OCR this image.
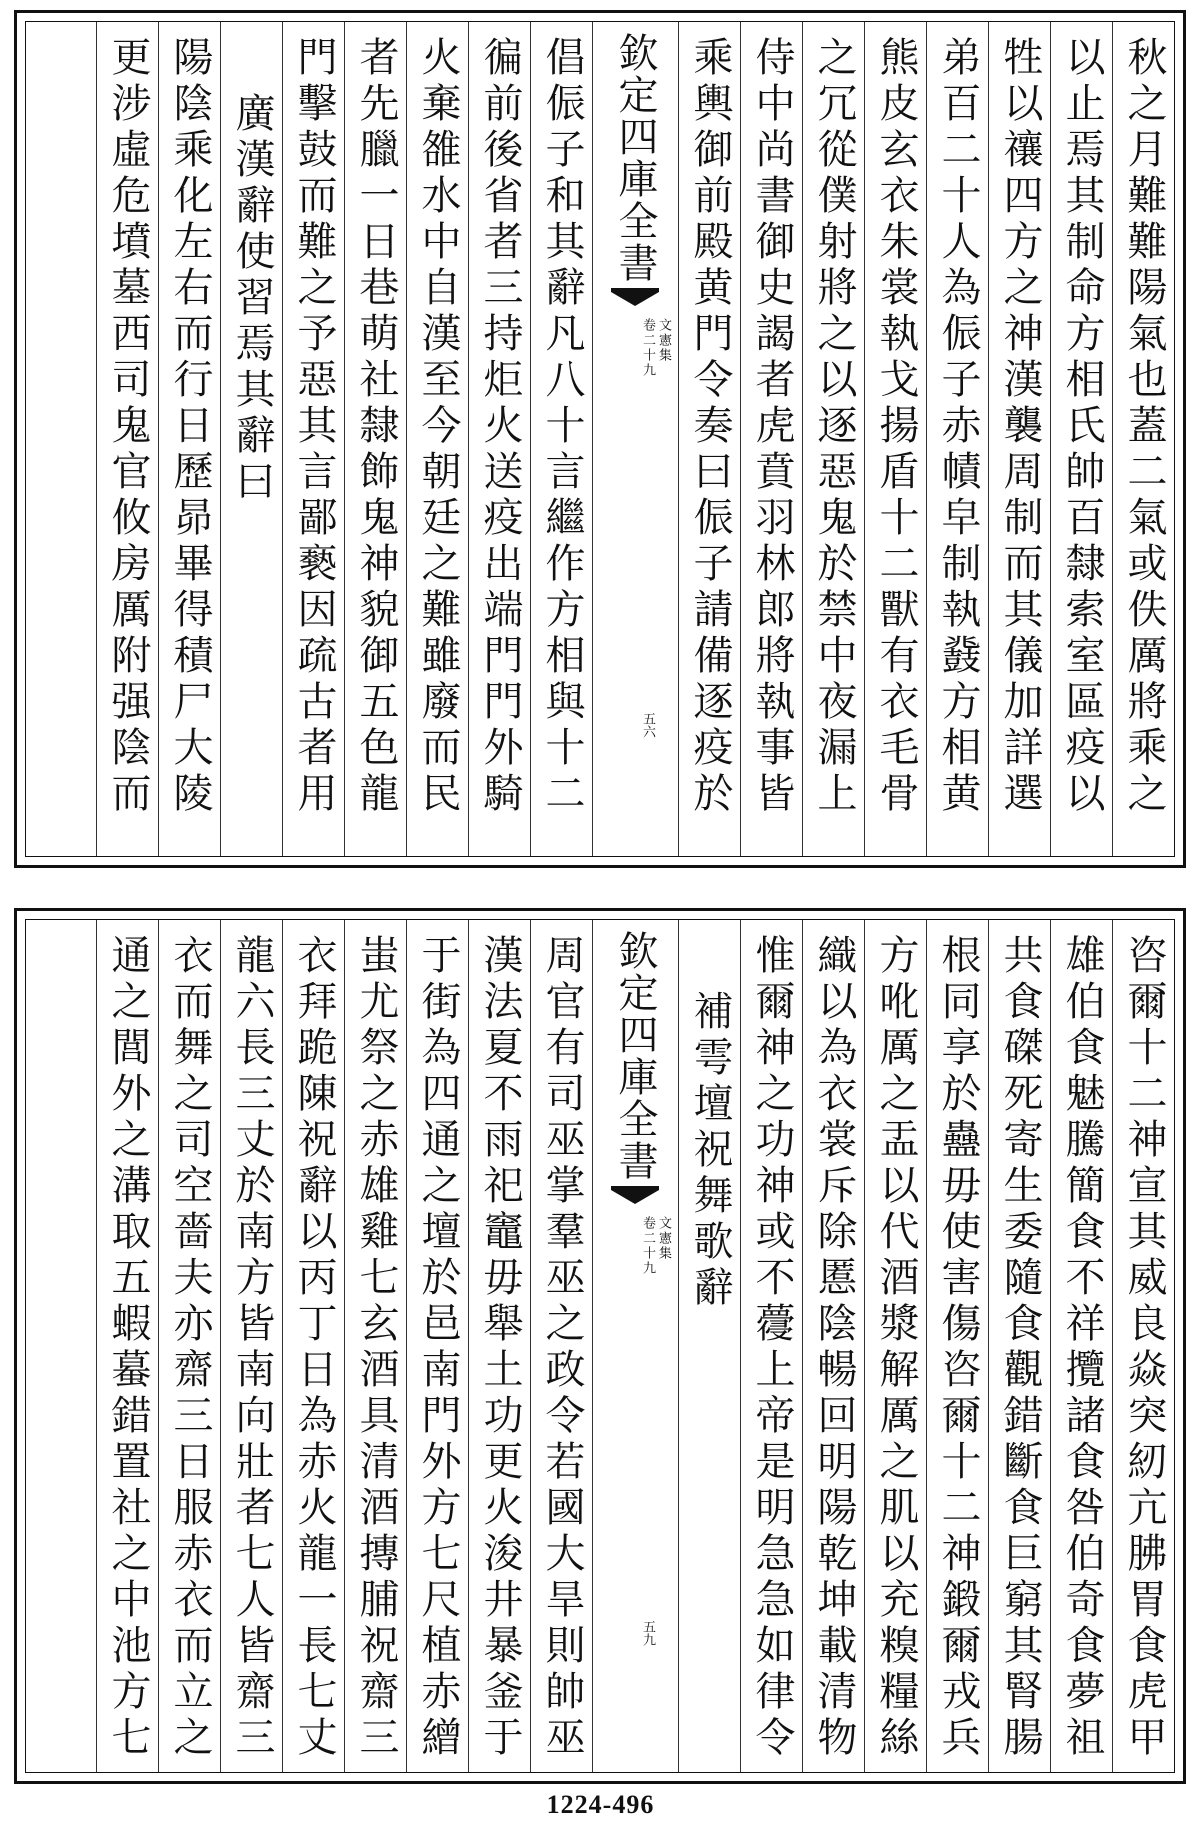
秋之月難難陽氣也蓋二氣或佚厲將乘之
以止焉其制命方相氏帥百隸索室區疫以
牲以禳四方之神漢襲周制而其儀加詳選
弟百二十人為侲子赤幘皁制執鼗方相黄
熊皮玄衣朱裳執戈揚盾十二獸有衣毛骨
之冗從僕射將之以逐惡鬼於禁中夜漏上
侍中尚書御史謁者虎賁羽林郎將執事皆
乘輿御前殿黄門令奏曰侲子請備逐疫於
欽定四庫全書
文憲集
卷二十九
五六
倡侲子和其辭凡八十言繼作方相與十二
徧前後省者三持炬火送疫出端門門外騎
火棄雒水中自漢至今朝廷之難雖廢而民
者先臘一日巷萌社隸飾鬼神貌御五色龍
門擊鼓而難之予惡其言鄙褻因疏古者用
廣漢辭使習焉其辭曰
陽陰乘化左右而行日歷昴畢得積尸大陵
更涉虛危墳墓西司鬼官攸房厲附强陰而
咨爾十二神宣其威良焱突紉亢胇胃食虎甲
雄伯食魅騰簡食不祥攬諸食咎伯奇食夢祖
共食磔死寄生委隨食觀錯斷食巨窮其腎腸
根同享於蠱毋使害傷咨爾十二神鍛爾戎兵
方吪厲之盂以代酒漿解厲之肌以充糗糧絲
織以為衣裳斥除慝陰暢回明陽乾坤載清物
惟爾神之功神或不蘉上帝是明急急如律令
補雩壇祝舞歌辭
欽定四庫全書
文憲集
卷二十九
五九
周官有司巫掌羣巫之政令若國大旱則帥巫
漢法夏不雨祀竈毋舉土功更火浚井暴釜于
于街為四通之壇於邑南門外方七尺植赤繒
蚩尤祭之赤雄雞七玄酒具清酒摶脯祝齋三
衣拜跪陳祝辭以丙丁日為赤火龍一長七丈
龍六長三丈於南方皆南向壯者七人皆齋三
衣而舞之司空嗇夫亦齋三日服赤衣而立之
通之閭外之溝取五蝦蟇錯置社之中池方七
1224-496
